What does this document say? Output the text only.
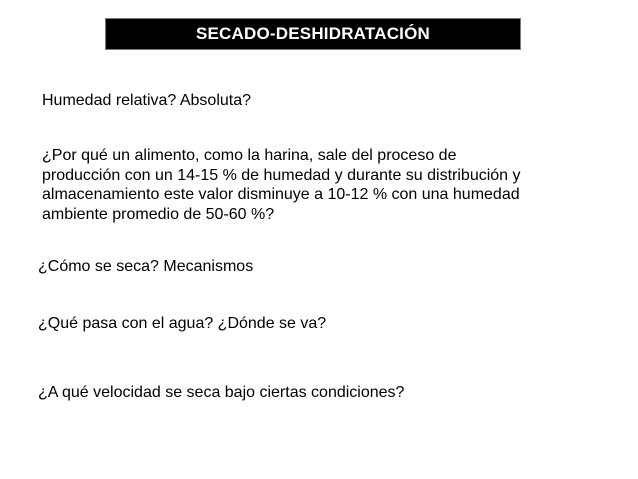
SECADO-DESHIDRATACIÓN

Humedad relativa? Absoluta?

¿Por qué un alimento, como la harina, sale del proceso de
producción con un 14-15 % de humedad y durante su distribución y
almacenamiento este valor disminuye a 10-12 % con una humedad
ambiente promedio de 50-60 %?

¿Cómo se seca? Mecanismos

¿Qué pasa con el agua? ¿Dónde se va?

¿A qué velocidad se seca bajo ciertas condiciones?
